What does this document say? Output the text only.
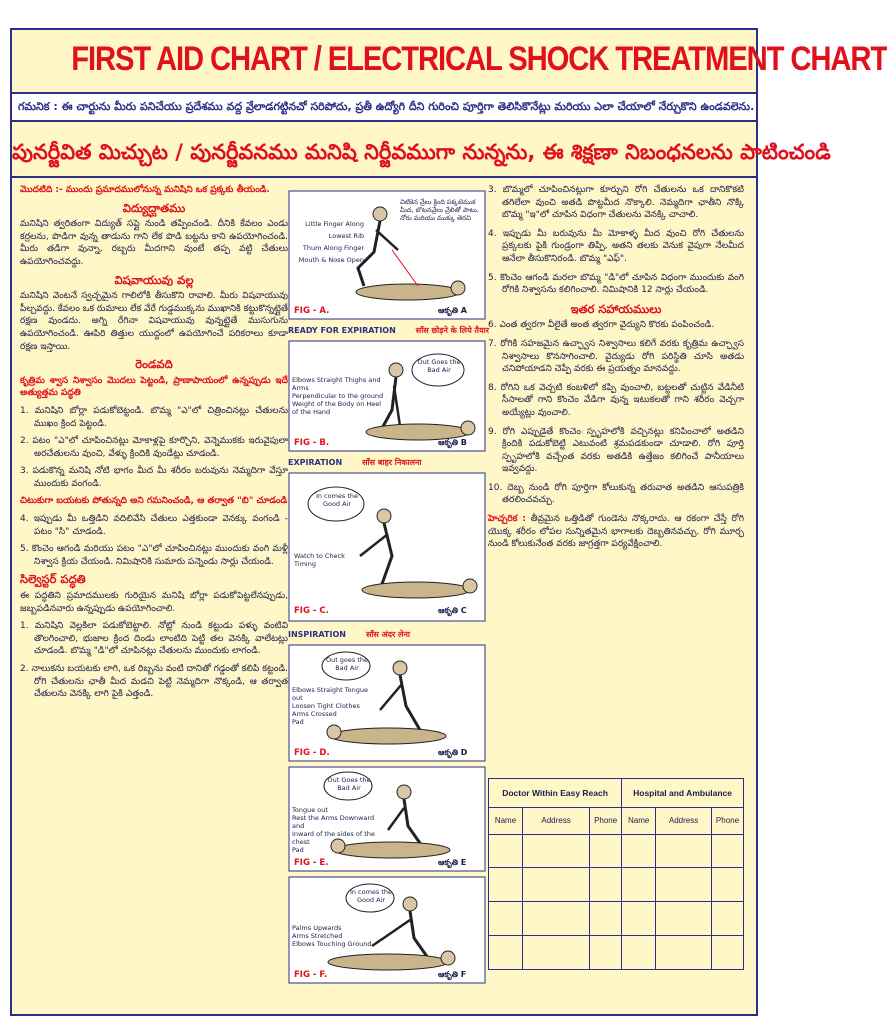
FIRST AID CHART / ELECTRICAL SHOCK TREATMENT CHART
గమనిక : ఈ చార్టును మీరు పనిచేయు ప్రదేశము వద్ద వ్రేలాడగట్టినచో సరిపోదు, ప్రతీ ఉద్యోగి దీని గురించి పూర్తిగా తెలిసికొనేట్లు మరియు ఎలా చేయాలో నేర్చుకొని ఉండవలెను.
పునర్జీవిత మిచ్చుట / పునర్జీవనము మనిషి నిర్జీవముగా నున్నను, ఈ శిక్షణా నిబంధనలను పాటించండి

మొదటిది :- ముందు ప్రమాదములోనున్న మనిషిని ఒక ప్రక్కకు తీయండి.

విద్యుద్ఘాతము

మనిషిని త్వరితంగా విద్యుత్ సప్లై నుండి తప్పించండి. దీనికి కేవలం ఎండు కర్రలను, పొడిగా వున్న తాడును గాని లేక పొడి బట్టను కాని ఉపయోగించండి. మీరు తడిగా వున్నా, రబ్బరు మీదగాని వుంటే తప్ప వట్టి చేతులు ఉపయోగించవద్దు.

విషవాయువు వల్ల

మనిషిని వెంటనే స్వచ్ఛమైన గాలిలోకి తీసుకొని రావాలి. మీరు విషవాయువు పీల్చవద్దు. కేవలం ఒక రుమాలు లేక వేరే గుడ్డముక్కను ముఖానికి కట్టుకొన్నట్లైతే రక్షణ వుండదు. అగ్ని రేగినా విషవాయువు వున్నట్లైతే ముసుగును ఉపయోగించండి. ఊపిరి తిత్తుల యుద్దంలో ఉపయోగించే పరికరాలు కూడా రక్షణ ఇస్తాయి.

రెండవది

కృత్రిమ శ్వాస నిశ్వాసం మొదలు పెట్టండి, ప్రాణాపాయంలో ఉన్నప్పుడు ఇదే అత్యుత్తమ పద్ధతి

1. మనిషిని బోర్లా పడుకోబెట్టండి. బొమ్మ "ఎ"లో చిత్రించినట్లు చేతులను ముఖం క్రింద పెట్టండి.
2. పటం "ఎ"లో చూపించినట్లు మోకాళ్లపై కూర్చొని, వెన్నెముకకు ఇరువైపులా అరచేతులను వుంచి, వేళ్ళు క్రిందికి వుండేట్లు చూడండి.
3. పడుకొన్న మనిషి నోటి భాగం మీద మీ శరీరం బరువును నెమ్మదిగా వేస్తూ ముందుకు వంగండి.

చిటుకుగా బయటకు పోతున్నది అని గమనించండి, ఆ తర్వాత "బి" చూడండి

4. ఇప్పుడు మీ ఒత్తిడిని వదిలివేసి చేతులు ఎత్తకుండా వెనక్కు వంగండి - పటం "సి" చూడండి.
5. కొంచెం ఆగండి మరియు పటం "ఎ"లో చూపించినట్లు ముందుకు వంగి మళ్లీ నిశ్వాస క్రియ చేయండి. నిమిషానికి సుమారు పన్నెండు సార్లు చేయండి.
సిల్వెస్టర్ పద్ధతి

ఈ పద్ధతిని ప్రమాదములకు గురియైన మనిషి బోర్లా పడుకోపెట్టలేనప్పుడు, జబ్బపడినవారు ఉన్నప్పుడు ఉపయోగించాలి.

1. మనిషిని వెల్లకిలా పడుకోబెట్టాలి. నోట్లో నుండి కట్టుడు పళ్ళు వంటివి తొలగించాలి, భుజాల క్రింద దిండు లాంటిది పెట్టి తల వెనక్కి వాలేటట్లు చూడండి. బొమ్మ "డి"లో చూపినట్లు చేతులను ముందుకు లాగండి.
2. నాలుకను బయటకు లాగి, ఒక రిబ్బను వంటి దానితో గడ్డంతో కలిపి కట్టండి. రోగి చేతులను ఛాతీ మీద మడచి పెట్టి నెమ్మదిగా నొక్కండి, ఆ తర్వాత చేతులను వెనక్కి లాగి పైకి ఎత్తండి.
Little Finger Along
Lowest Rib
Thum Along Finger
Mouth & Nose Open
చిటికెన వ్రేలు క్రింది పక్కటెముక మీద, బొటనవ్రేలు వ్రేలితో పాటు, నోరు మరియు ముక్కు తెరచి
FIG - A.	ఆకృతి A
READY FOR EXPIRATION	साँस छोड़ने के लिये तैयार
Out Goes the Bad Air
Elbows Straight Thighs and Arms
Perpendicular to the ground
Weight of the Body on Heel of the Hand
FIG - B.	ఆకృతి B
EXPIRATION	साँस बाहर निकालना
In comes the Good Air
Watch to Check Timing
FIG - C.	ఆకృతి C
INSPIRATION	साँस अंदर लेना
Out goes the Bad Air
Elbows Straight Tongue out
Loosen Tight Clothes
Arms Crossed
Pad
FIG - D.	ఆకృతి D
Out Goes the Bad Air
Tongue out
Rest the Arms Downward and
Inward of the sides of the chest
Pad
FIG - E.	ఆకృతి E
In comes the Good Air
Palms Upwards
Arms Stretched
Elbows Touching Ground
FIG - F.	ఆకృతి F
3. బొమ్మలో చూపించినట్లుగా కూర్చుని రోగి చేతులను ఒక దానికొకటి తగిలేలా వుంచి అతడి పొట్టమీద నొక్కాలి. నెమ్మదిగా ఛాతీని నొక్కి బొమ్మ "ఇ"లో చూపిన విధంగా చేతులను వెనక్కి చాచాలి.
4. ఇప్పుడు మీ బరువును మీ మోకాళ్ళ మీద వుంచి రోగి చేతులను ప్రక్కలకు పైకి గుండ్రంగా తిప్పి, అతని తలకు వెనుక వైపుగా నేలమీద ఆనేలా తీసుకొనిరండి. బొమ్మ "ఎఫ్".
5. కొంచెం ఆగండి మరలా బొమ్మ "డి"లో చూపిన విధంగా ముందుకు వంగి రోగికి నిశ్వాసను కలిగించాలి. నిమిషానికి 12 సార్లు చేయండి.
ఇతర సహాయములు
6. ఎంత త్వరగా వీలైతే అంత త్వరగా వైద్యుని కొరకు పంపించండి.
7. రోగికి సహజమైన ఉచ్ఛ్వాస నిశ్వాసాలు కలిగే వరకు కృత్రిమ ఉచ్ఛ్వాస నిశ్వాసాలు కొనసాగించాలి. వైద్యుడు రోగి పరిస్థితి చూసి అతడు చనిపోయాడని చెప్పే వరకు ఈ ప్రయత్నం మానవద్దు.
8. రోగిని ఒక వెచ్చటి కంబళిలో కప్పి వుంచాలి, బట్టలతో చుట్టిన వేడినీటి సీసాలతో గాని కొంచెం వేడిగా వున్న ఇటుకలతో గాని శరీరం వెచ్చగా అయ్యేట్లు వుంచాలి.
9. రోగి ఎప్పుడైతే కొంచెం స్పృహలోకి వచ్చినట్లు కనిపించాలో అతడిని క్రిందికి పడుకోబెట్టి ఎటువంటి శ్రమపడకుండా చూడాలి. రోగి పూర్తి స్పృహలోకి వచ్చేంత వరకు అతడికి ఉత్తేజం కలిగించే పానీయాలు ఇవ్వవద్దు.
10. దెబ్బ నుండి రోగి పూర్తిగా కోలుకున్న తరువాత అతడిని ఆసుపత్రికి తరలించవచ్చు.
హెచ్చరిక : తీవ్రమైన ఒత్తిడితో గుండెను నొక్కరాదు. ఆ రకంగా చేస్తే రోగి యొక్క శరీరం లోపల సున్నితమైన భాగాలకు దెబ్బతినవచ్చు. రోగి మూర్ఛ నుండి కోలుకునేంత వరకు జాగ్రత్తగా పర్యవేక్షించాలి.
Doctor Within Easy Reach			Hospital and Ambulance		
Name	Address	Phone	Name	Address	Phone
